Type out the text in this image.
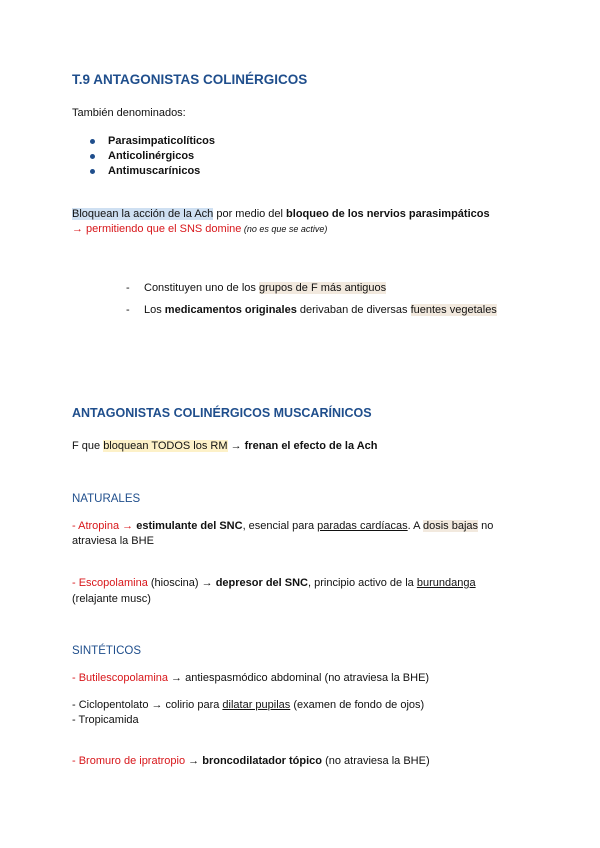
T.9 ANTAGONISTAS COLINÉRGICOS
También denominados:
Parasimpaticolíticos
Anticolinérgicos
Antimuscarínicos
Bloquean la acción de la Ach por medio del bloqueo de los nervios parasimpáticos
→ permitiendo que el SNS domine (no es que se active)
- Constituyen uno de los grupos de F más antiguos
- Los medicamentos originales derivaban de diversas fuentes vegetales
ANTAGONISTAS COLINÉRGICOS MUSCARÍNICOS
F que bloquean TODOS los RM → frenan el efecto de la Ach
NATURALES
- Atropina → estimulante del SNC, esencial para paradas cardíacas. A dosis bajas no
atraviesa la BHE
- Escopolamina (hioscina) → depresor del SNC, principio activo de la burundanga
(relajante musc)
SINTÉTICOS
- Butilescopolamina → antiespasmódico abdominal (no atraviesa la BHE)
- Ciclopentolato → colirio para dilatar pupilas (examen de fondo de ojos)
- Tropicamida
- Bromuro de ipratropio → broncodilatador tópico (no atraviesa la BHE)
